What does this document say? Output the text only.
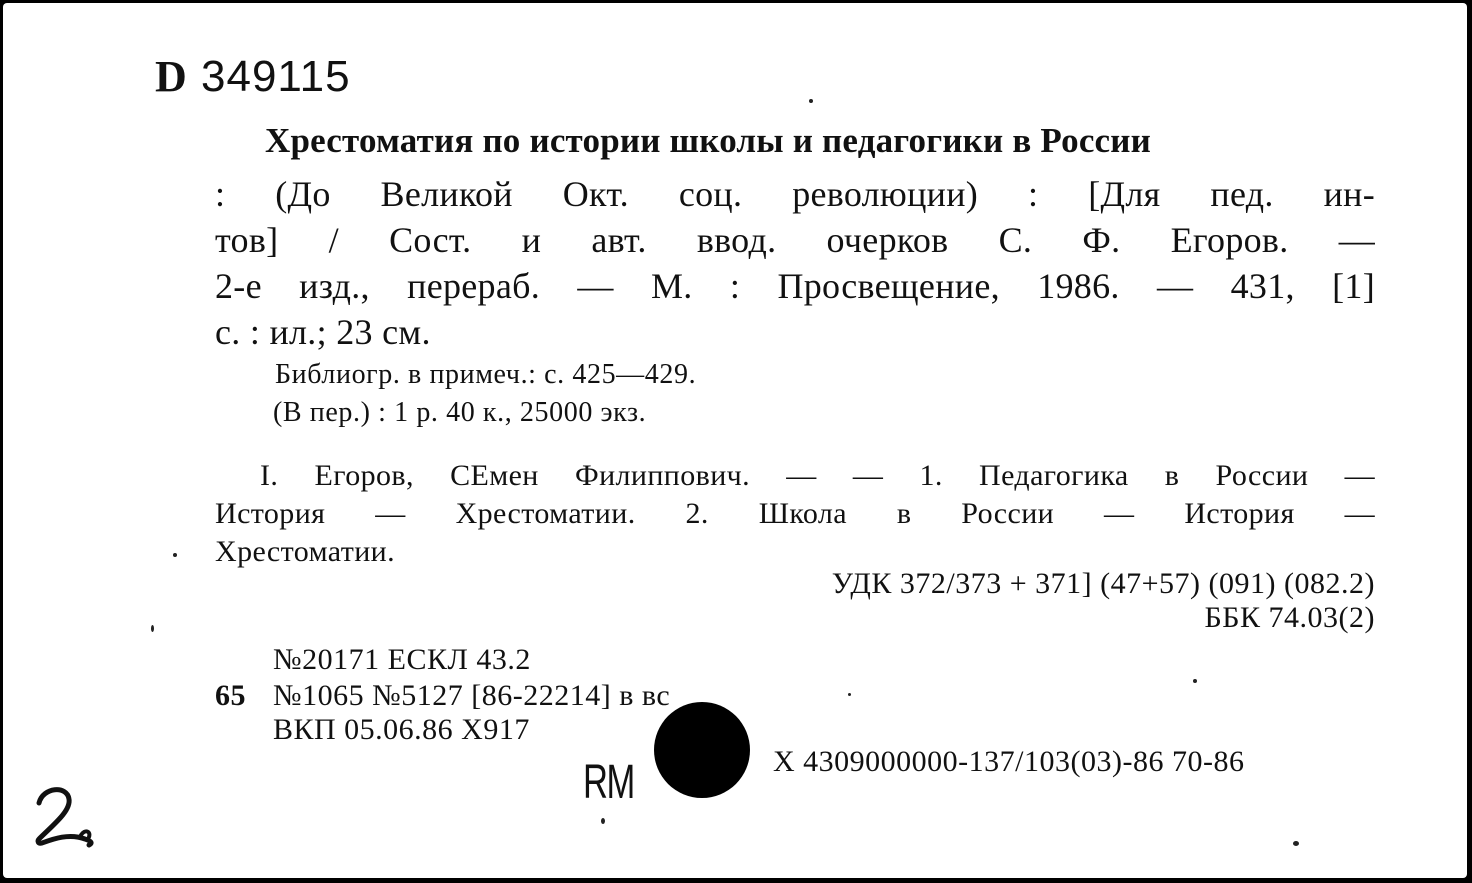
D 349115
Хрестоматия по истории школы и педагогики в России
: (До Великой Окт. соц. революции) : [Для пед. ин-
тов] / Сост. и авт. ввод. очерков С. Ф. Егоров. —
2-е изд., перераб. — М. : Просвещение, 1986. — 431, [1]
с. : ил.; 23 см.
Библиогр. в примеч.: с. 425—429.
(В пер.) : 1 р. 40 к., 25000 экз.
I. Егоров, СЕмен Филиппович. — — 1. Педагогика в России —
История — Хрестоматии. 2. Школа в России — История —
Хрестоматии.
УДК 372/373 + 371] (47+57) (091) (082.2)
ББК 74.03(2)
№20171 ЕСКЛ 43.2
65 №1065 №5127 [86-22214] в вс
ВКП 05.06.86 Х917
RM	Х 4309000000-137/103(03)-86 70-86
